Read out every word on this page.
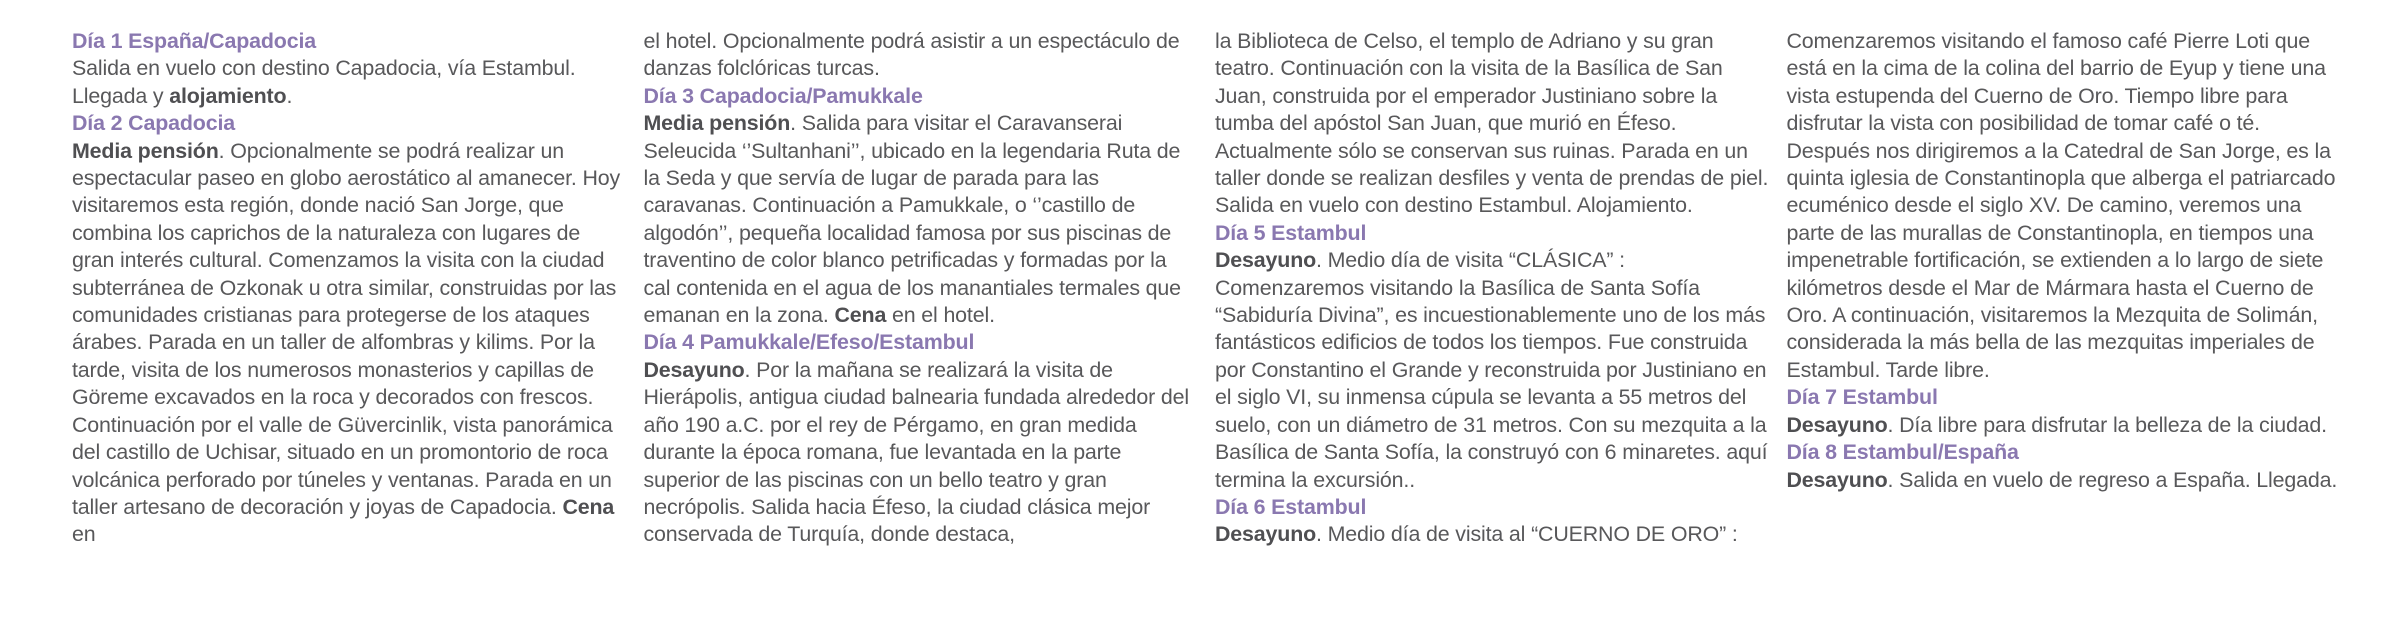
Día 1 España/Capadocia
Salida en vuelo con destino Capadocia, vía Estambul. Llegada y alojamiento.
Día 2 Capadocia
Media pensión. Opcionalmente se podrá realizar un espectacular paseo en globo aerostático al amanecer. Hoy visitaremos esta región, donde nació San Jorge, que combina los caprichos de la naturaleza con lugares de gran interés cultural. Comenzamos la visita con la ciudad subterránea de Ozkonak u otra similar, construidas por las comunidades cristianas para protegerse de los ataques árabes. Parada en un taller de alfombras y kilims. Por la tarde, visita de los numerosos monasterios y capillas de Göreme excavados en la roca y decorados con frescos. Continuación por el valle de Güvercinlik, vista panorámica del castillo de Uchisar, situado en un promontorio de roca volcánica perforado por túneles y ventanas. Parada en un taller artesano de decoración y joyas de Capadocia. Cena en
el hotel. Opcionalmente podrá asistir a un espectáculo de danzas folclóricas turcas.
Día 3 Capadocia/Pamukkale
Media pensión. Salida para visitar el Caravanserai Seleucida ‘’Sultanhani’’, ubicado en la legendaria Ruta de la Seda y que servía de lugar de parada para las caravanas. Continuación a Pamukkale, o ‘’castillo de algodón’’, pequeña localidad famosa por sus piscinas de traventino de color blanco petrificadas y formadas por la cal contenida en el agua de los manantiales termales que emanan en la zona. Cena en el hotel.
Día 4 Pamukkale/Efeso/Estambul
Desayuno. Por la mañana se realizará la visita de Hierápolis, antigua ciudad balnearia fundada alrededor del año 190 a.C. por el rey de Pérgamo, en gran medida durante la época romana, fue levantada en la parte superior de las piscinas con un bello teatro y gran necrópolis. Salida hacia Éfeso, la ciudad clásica mejor conservada de Turquía, donde destaca,
la Biblioteca de Celso, el templo de Adriano y su gran teatro. Continuación con la visita de la Basílica de San Juan, construida por el emperador Justiniano sobre la tumba del apóstol San Juan, que murió en Éfeso. Actualmente sólo se conservan sus ruinas. Parada en un taller donde se realizan desfiles y venta de prendas de piel. Salida en vuelo con destino Estambul. Alojamiento.
Día 5 Estambul
Desayuno. Medio día de visita “CLÁSICA” : Comenzaremos visitando la Basílica de Santa Sofía “Sabiduría Divina”, es incuestionablemente uno de los más fantásticos edificios de todos los tiempos. Fue construida por Constantino el Grande y reconstruida por Justiniano en el siglo VI, su inmensa cúpula se levanta a 55 metros del suelo, con un diámetro de 31 metros. Con su mezquita a la Basílica de Santa Sofía, la construyó con 6 minaretes. aquí termina la excursión..
Día 6 Estambul
Desayuno. Medio día de visita al “CUERNO DE ORO” :
Comenzaremos visitando el famoso café Pierre Loti que está en la cima de la colina del barrio de Eyup y tiene una vista estupenda del Cuerno de Oro. Tiempo libre para disfrutar la vista con posibilidad de tomar café o té. Después nos dirigiremos a la Catedral de San Jorge, es la quinta iglesia de Constantinopla que alberga el patriarcado ecuménico desde el siglo XV. De camino, veremos una parte de las murallas de Constantinopla, en tiempos una impenetrable fortificación, se extienden a lo largo de siete kilómetros desde el Mar de Mármara hasta el Cuerno de Oro. A continuación, visitaremos la Mezquita de Solimán, considerada la más bella de las mezquitas imperiales de Estambul. Tarde libre.
Día 7 Estambul
Desayuno. Día libre para disfrutar la belleza de la ciudad.
Día 8 Estambul/España
Desayuno. Salida en vuelo de regreso a España. Llegada.
